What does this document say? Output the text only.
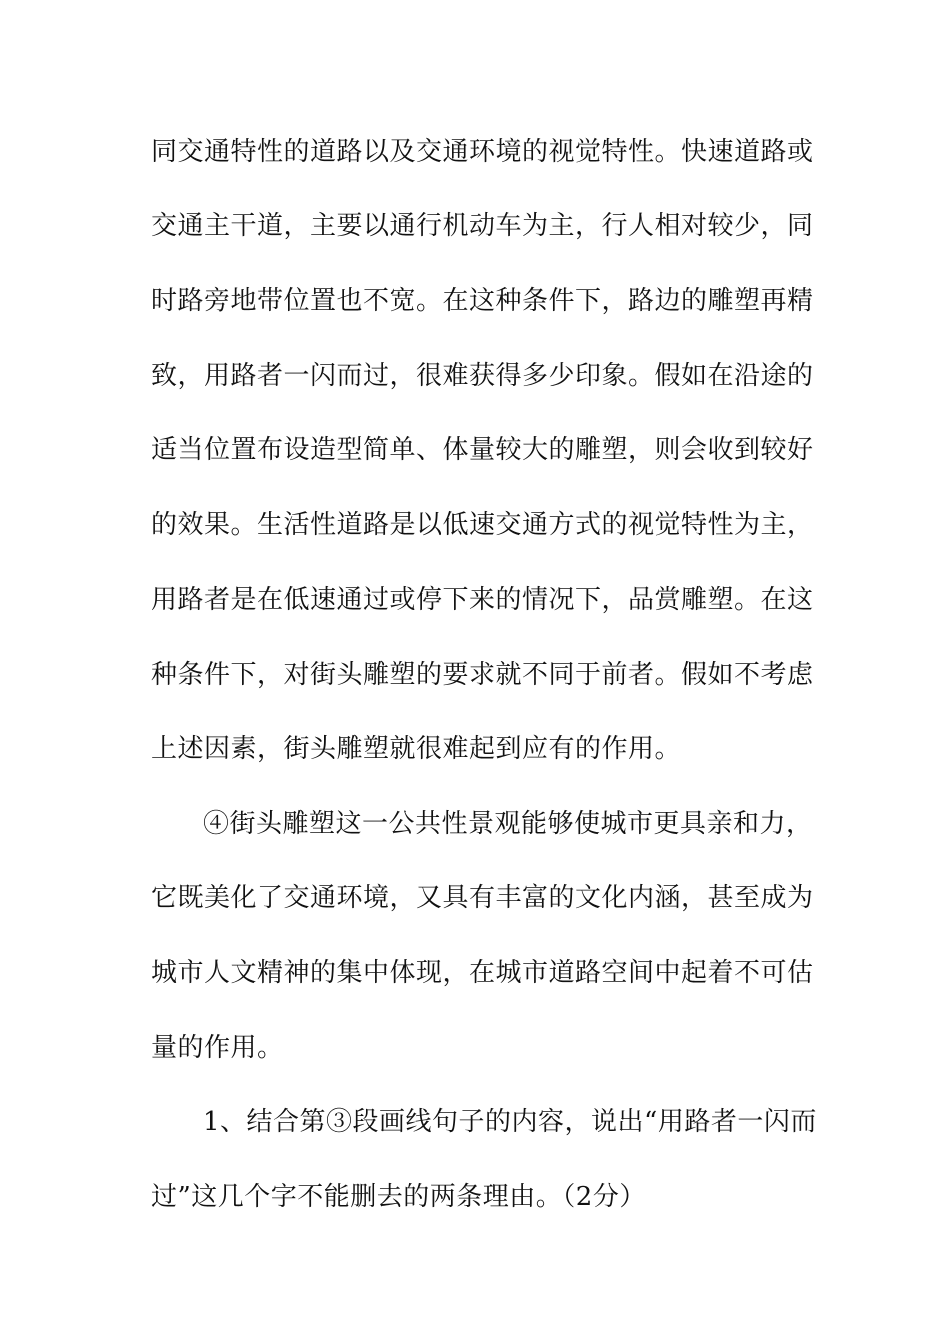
同交通特性的道路以及交通环境的视觉特性。快速道路或
交通主干道，主要以通行机动车为主，行人相对较少，同
时路旁地带位置也不宽。在这种条件下，路边的雕塑再精
致，用路者一闪而过，很难获得多少印象。假如在沿途的
适当位置布设造型简单、体量较大的雕塑，则会收到较好
的效果。生活性道路是以低速交通方式的视觉特性为主，
用路者是在低速通过或停下来的情况下，品赏雕塑。在这
种条件下，对街头雕塑的要求就不同于前者。假如不考虑
上述因素，街头雕塑就很难起到应有的作用。
④街头雕塑这一公共性景观能够使城市更具亲和力，
它既美化了交通环境，又具有丰富的文化内涵，甚至成为
城市人文精神的集中体现，在城市道路空间中起着不可估
量的作用。
1、结合第③段画线句子的内容，说出“用路者一闪而
过”这几个字不能删去的两条理由。（2分）
